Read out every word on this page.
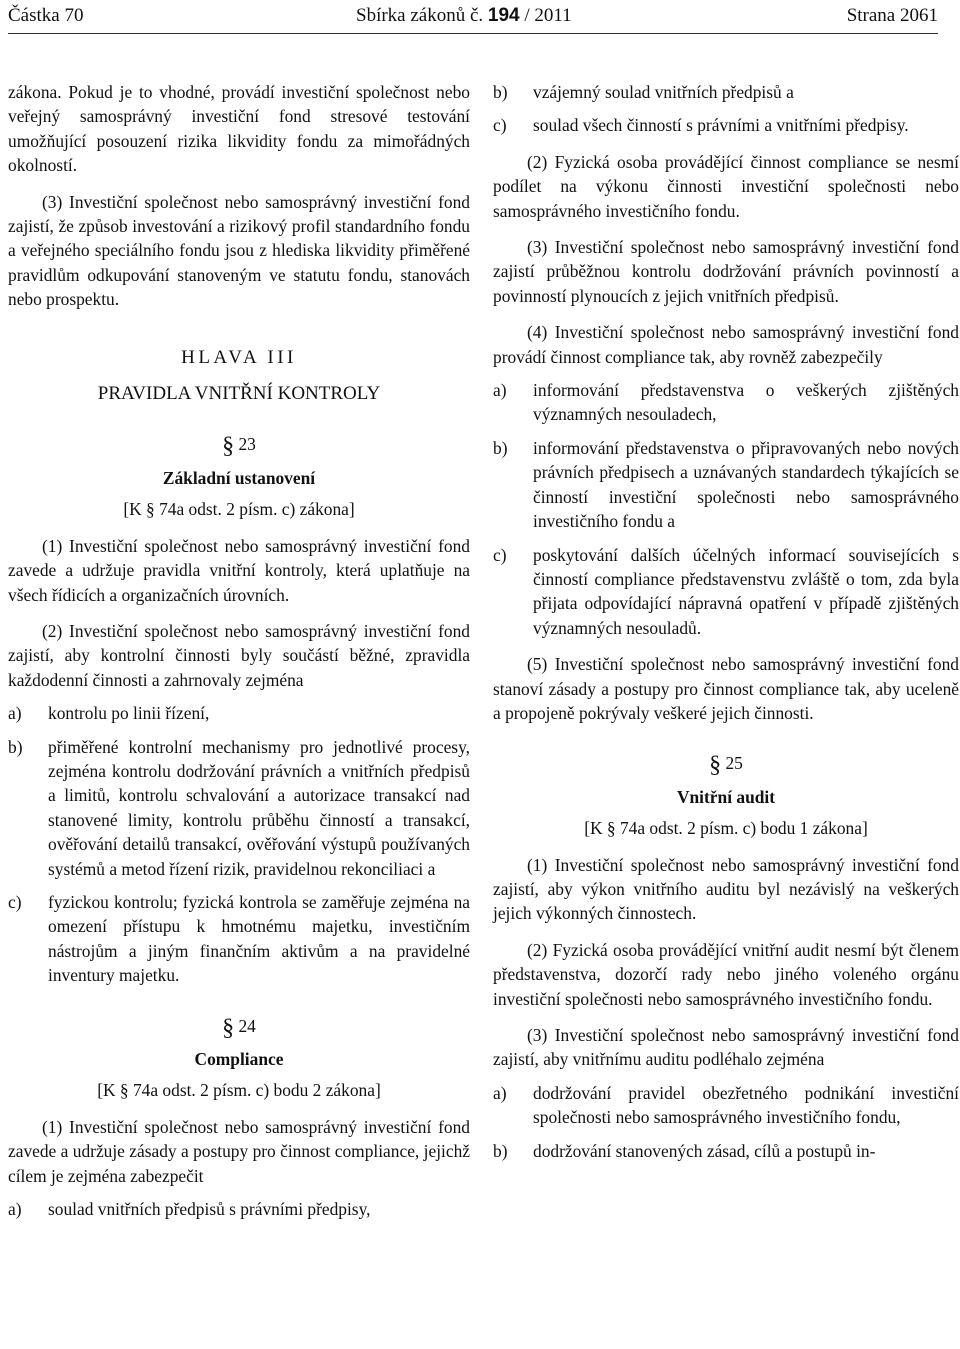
Částka 70	Sbírka zákonů č. 194 / 2011	Strana 2061

zákona. Pokud je to vhodné, provádí investiční společnost nebo veřejný samosprávný investiční fond stresové testování umožňující posouzení rizika likvidity fondu za mimořádných okolností.

(3) Investiční společnost nebo samosprávný investiční fond zajistí, že způsob investování a rizikový profil standardního fondu a veřejného speciálního fondu jsou z hlediska likvidity přiměřené pravidlům odkupování stanoveným ve statutu fondu, stanovách nebo prospektu.

HLAVA III
PRAVIDLA VNITŘNÍ KONTROLY
§ 23
Základní ustanovení
[K § 74a odst. 2 písm. c) zákona]

(1) Investiční společnost nebo samosprávný investiční fond zavede a udržuje pravidla vnitřní kontroly, která uplatňuje na všech řídicích a organizačních úrovních.

(2) Investiční společnost nebo samosprávný investiční fond zajistí, aby kontrolní činnosti byly součástí běžné, zpravidla každodenní činnosti a zahrnovaly zejména

a)	kontrolu po linii řízení,
b)	přiměřené kontrolní mechanismy pro jednotlivé procesy, zejména kontrolu dodržování právních a vnitřních předpisů a limitů, kontrolu schvalování a autorizace transakcí nad stanovené limity, kontrolu průběhu činností a transakcí, ověřování detailů transakcí, ověřování výstupů používaných systémů a metod řízení rizik, pravidelnou rekonciliaci a
c)	fyzickou kontrolu; fyzická kontrola se zaměřuje zejména na omezení přístupu k hmotnému majetku, investičním nástrojům a jiným finančním aktivům a na pravidelné inventury majetku.
§ 24
Compliance
[K § 74a odst. 2 písm. c) bodu 2 zákona]

(1) Investiční společnost nebo samosprávný investiční fond zavede a udržuje zásady a postupy pro činnost compliance, jejichž cílem je zejména zabezpečit

a)	soulad vnitřních předpisů s právními předpisy,
b)	vzájemný soulad vnitřních předpisů a
c)	soulad všech činností s právními a vnitřními předpisy.

(2) Fyzická osoba provádějící činnost compliance se nesmí podílet na výkonu činnosti investiční společnosti nebo samosprávného investičního fondu.

(3) Investiční společnost nebo samosprávný investiční fond zajistí průběžnou kontrolu dodržování právních povinností a povinností plynoucích z jejich vnitřních předpisů.

(4) Investiční společnost nebo samosprávný investiční fond provádí činnost compliance tak, aby rovněž zabezpečily

a)	informování představenstva o veškerých zjištěných významných nesouladech,
b)	informování představenstva o připravovaných nebo nových právních předpisech a uznávaných standardech týkajících se činností investiční společnosti nebo samosprávného investičního fondu a
c)	poskytování dalších účelných informací souvisejících s činností compliance představenstvu zvláště o tom, zda byla přijata odpovídající nápravná opatření v případě zjištěných významných nesouladů.

(5) Investiční společnost nebo samosprávný investiční fond stanoví zásady a postupy pro činnost compliance tak, aby uceleně a propojeně pokrývaly veškeré jejich činnosti.

§ 25
Vnitřní audit
[K § 74a odst. 2 písm. c) bodu 1 zákona]

(1) Investiční společnost nebo samosprávný investiční fond zajistí, aby výkon vnitřního auditu byl nezávislý na veškerých jejich výkonných činnostech.

(2) Fyzická osoba provádějící vnitřní audit nesmí být členem představenstva, dozorčí rady nebo jiného voleného orgánu investiční společnosti nebo samosprávného investičního fondu.

(3) Investiční společnost nebo samosprávný investiční fond zajistí, aby vnitřnímu auditu podléhalo zejména

a)	dodržování pravidel obezřetného podnikání investiční společnosti nebo samosprávného investičního fondu,
b)	dodržování stanovených zásad, cílů a postupů in-
